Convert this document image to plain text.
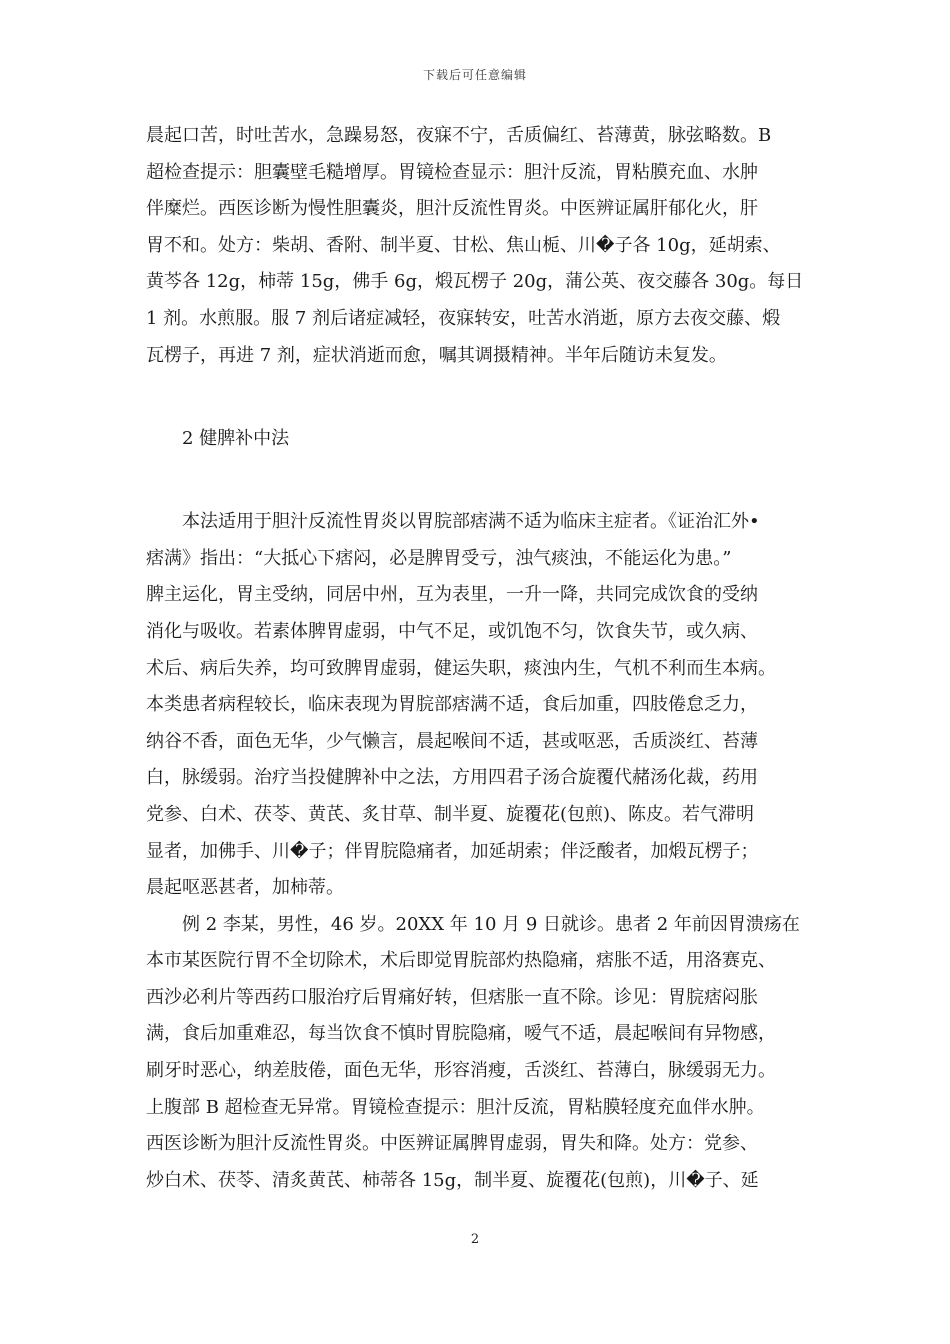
下载后可任意编辑
晨起口苦，时吐苦水，急躁易怒，夜寐不宁，舌质偏红、苔薄黄，脉弦略数。B
超检查提示：胆囊壁毛糙增厚。胃镜检查显示：胆汁反流，胃粘膜充血、水肿
伴糜烂。西医诊断为慢性胆囊炎，胆汁反流性胃炎。中医辨证属肝郁化火，肝
胃不和。处方：柴胡、香附、制半夏、甘松、焦山栀、川�子各 10g，延胡索、
黄芩各 12g，柿蒂 15g，佛手 6g，煅瓦楞子 20g，蒲公英、夜交藤各 30g。每日
1 剂。水煎服。服 7 剂后诸症减轻，夜寐转安，吐苦水消逝，原方去夜交藤、煅
瓦楞子，再进 7 剂，症状消逝而愈，嘱其调摄精神。半年后随访未复发。
2 健脾补中法
本法适用于胆汁反流性胃炎以胃脘部痞满不适为临床主症者。《证治汇外•
痞满》指出：“大抵心下痞闷，必是脾胃受亏，浊气痰浊，不能运化为患。”
脾主运化，胃主受纳，同居中州，互为表里，一升一降，共同完成饮食的受纳
消化与吸收。若素体脾胃虚弱，中气不足，或饥饱不匀，饮食失节，或久病、
术后、病后失养，均可致脾胃虚弱，健运失职，痰浊内生，气机不利而生本病。
本类患者病程较长，临床表现为胃脘部痞满不适，食后加重，四肢倦怠乏力，
纳谷不香，面色无华，少气懒言，晨起喉间不适，甚或呕恶，舌质淡红、苔薄
白，脉缓弱。治疗当投健脾补中之法，方用四君子汤合旋覆代赭汤化裁，药用
党参、白术、茯苓、黄芪、炙甘草、制半夏、旋覆花(包煎)、陈皮。若气滞明
显者，加佛手、川�子；伴胃脘隐痛者，加延胡索；伴泛酸者，加煅瓦楞子；
晨起呕恶甚者，加柿蒂。
例 2 李某，男性，46 岁。20XX 年 10 月 9 日就诊。患者 2 年前因胃溃疡在
本市某医院行胃不全切除术，术后即觉胃脘部灼热隐痛，痞胀不适，用洛赛克、
西沙必利片等西药口服治疗后胃痛好转，但痞胀一直不除。诊见：胃脘痞闷胀
满，食后加重难忍，每当饮食不慎时胃脘隐痛，嗳气不适，晨起喉间有异物感，
刷牙时恶心，纳差肢倦，面色无华，形容消瘦，舌淡红、苔薄白，脉缓弱无力。
上腹部 B 超检查无异常。胃镜检查提示：胆汁反流，胃粘膜轻度充血伴水肿。
西医诊断为胆汁反流性胃炎。中医辨证属脾胃虚弱，胃失和降。处方：党参、
炒白术、茯苓、清炙黄芪、柿蒂各 15g，制半夏、旋覆花(包煎)，川�子、延
2
